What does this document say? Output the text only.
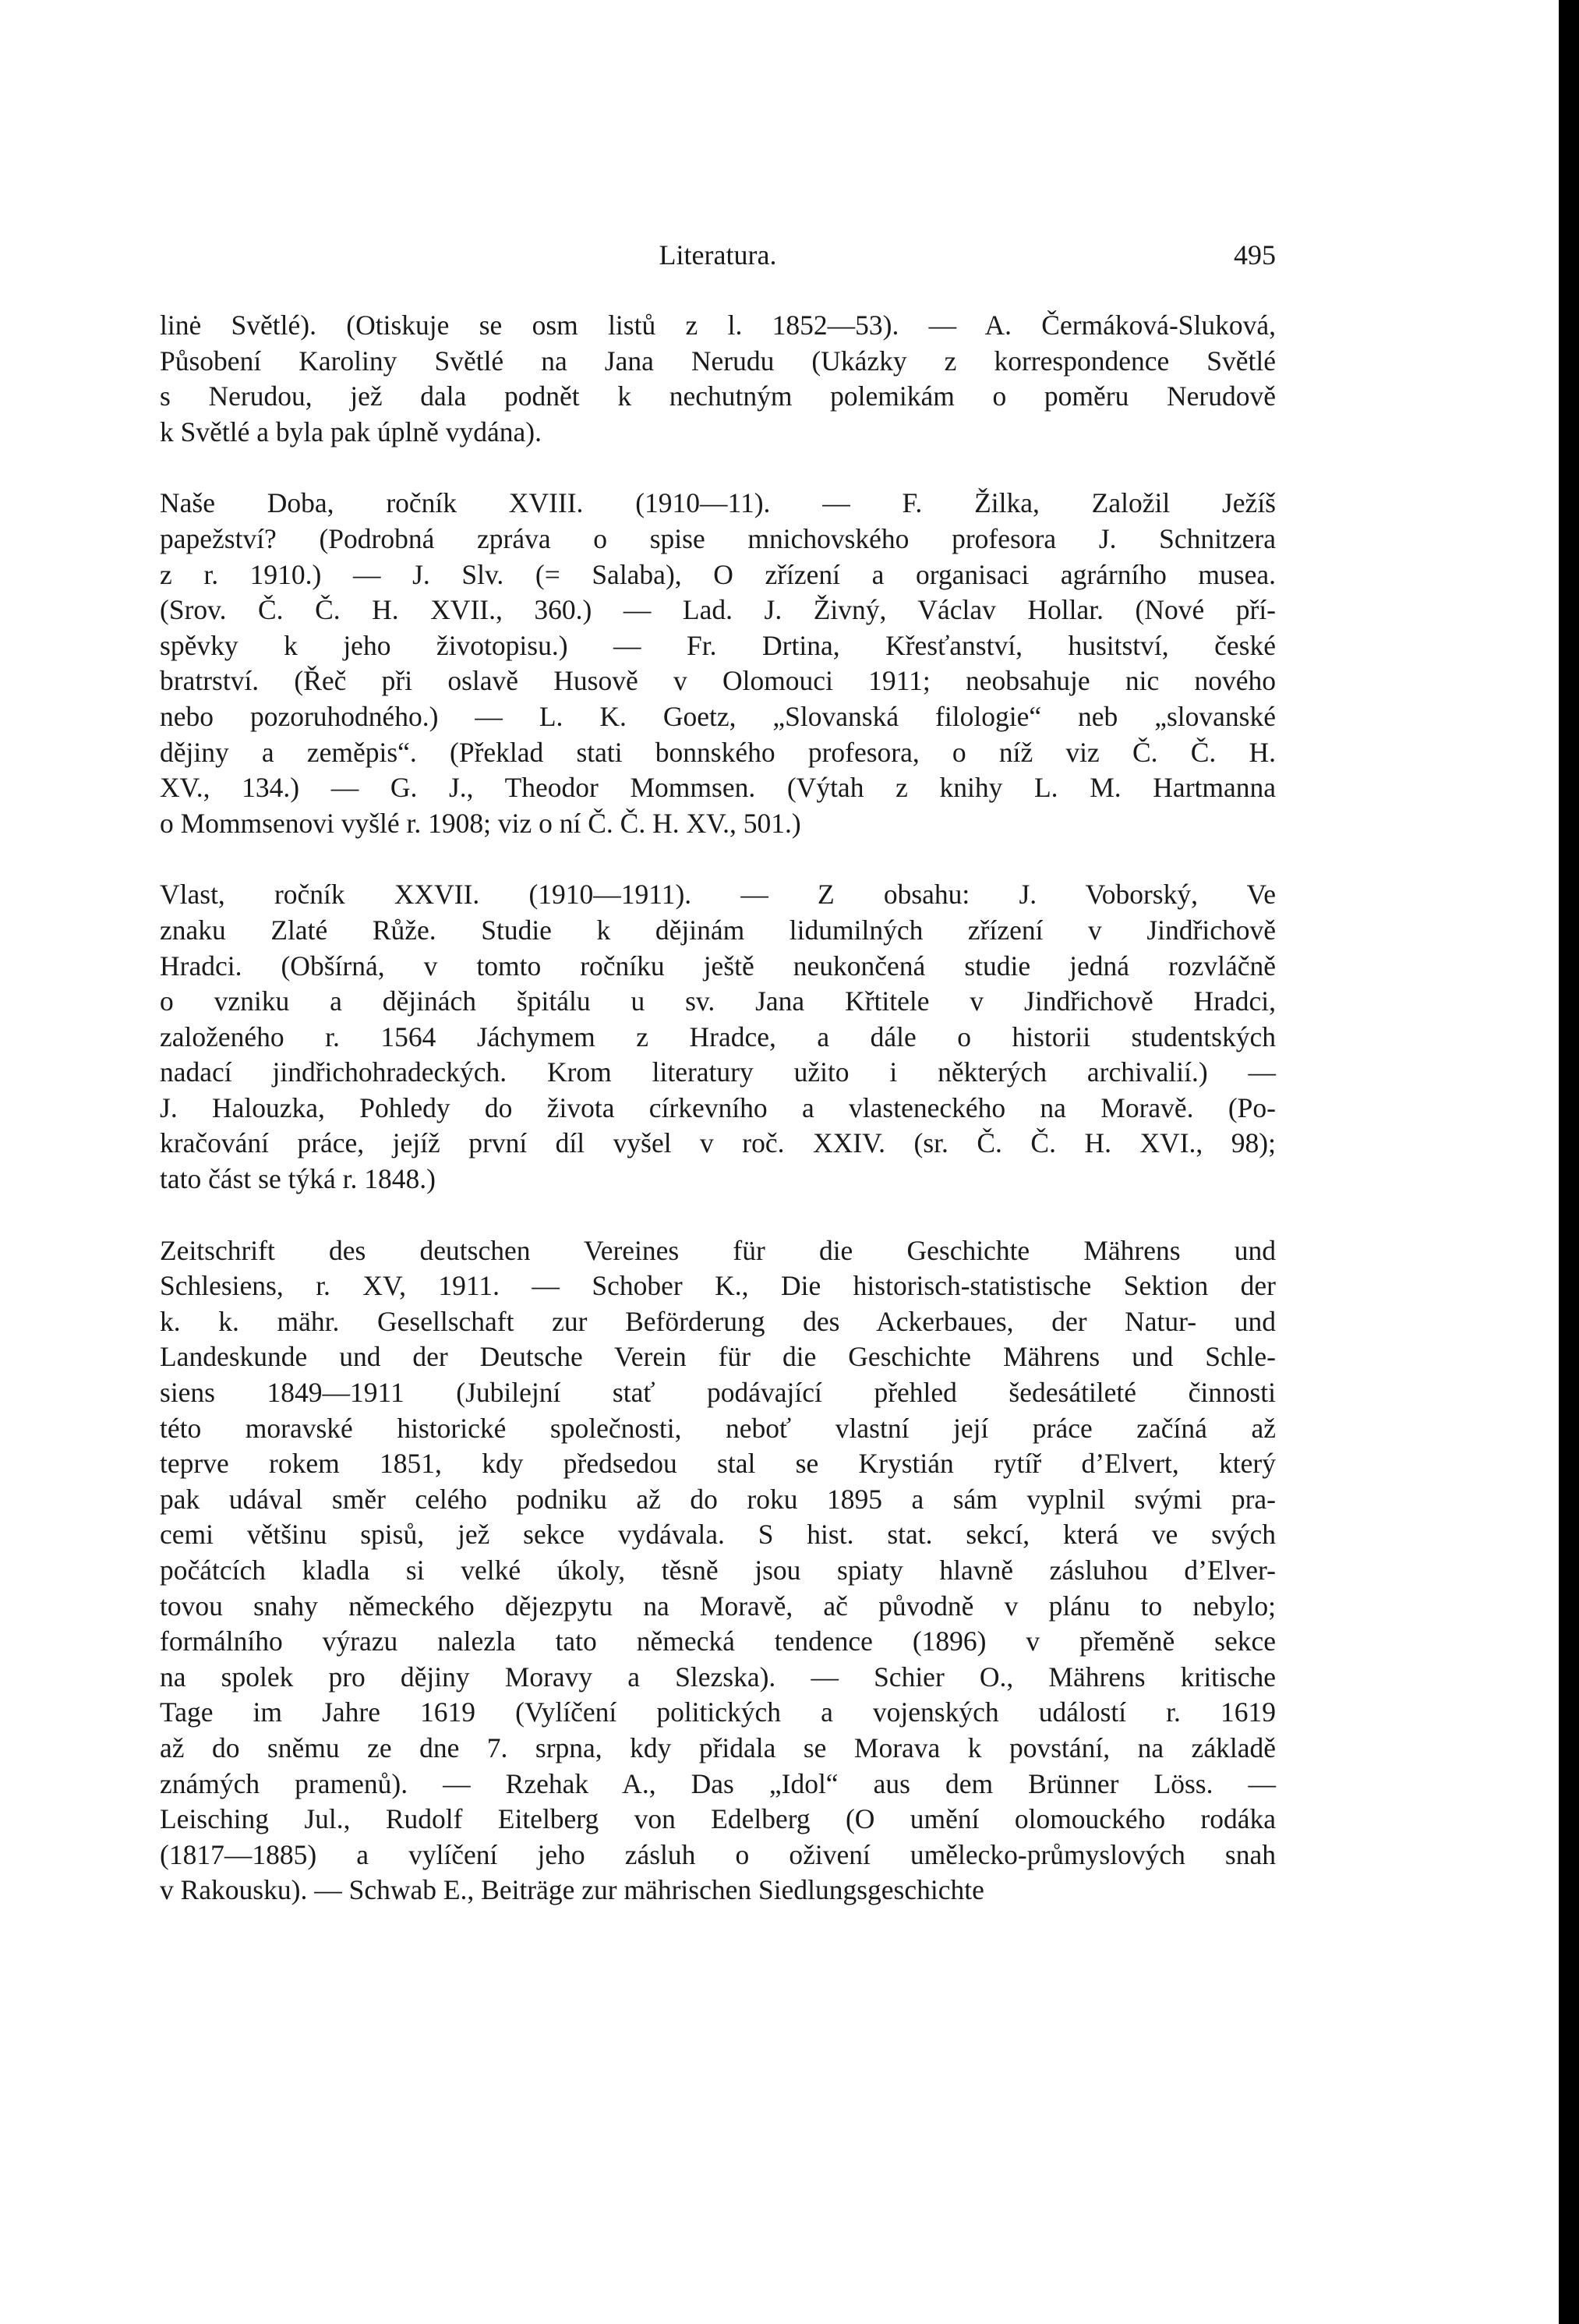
Literatura.	495
linė Světlé). (Otiskuje se osm listů z l. 1852—53). — A. Čermáková-Sluková,
Působení Karoliny Světlé na Jana Nerudu (Ukázky z korrespondence Světlé
s Nerudou, jež dala podnět k nechutným polemikám o poměru Nerudově
k Světlé a byla pak úplně vydána).
Naše Doba, ročník XVIII. (1910—11). — F. Žilka, Založil Ježíš
papežství? (Podrobná zpráva o spise mnichovského profesora J. Schnitzera
z r. 1910.) — J. Slv. (= Salaba), O zřízení a organisaci agrárního musea.
(Srov. Č. Č. H. XVII., 360.) — Lad. J. Živný, Václav Hollar. (Nové pří-
spěvky k jeho životopisu.) — Fr. Drtina, Křesťanství, husitství, české
bratrství. (Řeč při oslavě Husově v Olomouci 1911; neobsahuje nic nového
nebo pozoruhodného.) — L. K. Goetz, „Slovanská filologie“ neb „slovanské
dějiny a zeměpis“. (Překlad stati bonnského profesora, o níž viz Č. Č. H.
XV., 134.) — G. J., Theodor Mommsen. (Výtah z knihy L. M. Hartmanna
o Mommsenovi vyšlé r. 1908; viz o ní Č. Č. H. XV., 501.)
Vlast, ročník XXVII. (1910—1911). — Z obsahu: J. Voborský, Ve
znaku Zlaté Růže. Studie k dějinám lidumilných zřízení v Jindřichově
Hradci. (Obšírná, v tomto ročníku ještě neukončená studie jedná rozvláčně
o vzniku a dějinách špitálu u sv. Jana Křtitele v Jindřichově Hradci,
založeného r. 1564 Jáchymem z Hradce, a dále o historii studentských
nadací jindřichohradeckých. Krom literatury užito i některých archivalií.) —
J. Halouzka, Pohledy do života církevního a vlasteneckého na Moravě. (Po-
kračování práce, jejíž první díl vyšel v roč. XXIV. (sr. Č. Č. H. XVI., 98);
tato část se týká r. 1848.)
Zeitschrift des deutschen Vereines für die Geschichte Mährens und
Schlesiens, r. XV, 1911. — Schober K., Die historisch-statistische Sektion der
k. k. mähr. Gesellschaft zur Beförderung des Ackerbaues, der Natur- und
Landeskunde und der Deutsche Verein für die Geschichte Mährens und Schle-
siens 1849—1911 (Jubilejní stať podávající přehled šedesátileté činnosti
této moravské historické společnosti, neboť vlastní její práce začíná až
teprve rokem 1851, kdy předsedou stal se Krystián rytíř d’Elvert, který
pak udával směr celého podniku až do roku 1895 a sám vyplnil svými pra-
cemi většinu spisů, jež sekce vydávala. S hist. stat. sekcí, která ve svých
počátcích kladla si velké úkoly, těsně jsou spiaty hlavně zásluhou d’Elver-
tovou snahy německého dějezpytu na Moravě, ač původně v plánu to nebylo;
formálního výrazu nalezla tato německá tendence (1896) v přeměně sekce
na spolek pro dějiny Moravy a Slezska). — Schier O., Mährens kritische
Tage im Jahre 1619 (Vylíčení politických a vojenských událostí r. 1619
až do sněmu ze dne 7. srpna, kdy přidala se Morava k povstání, na základě
známých pramenů). — Rzehak A., Das „Idol“ aus dem Brünner Löss. —
Leisching Jul., Rudolf Eitelberg von Edelberg (O umění olomouckého rodáka
(1817—1885) a vylíčení jeho zásluh o oživení umělecko-průmyslových snah
v Rakousku). — Schwab E., Beiträge zur mährischen Siedlungsgeschichte
